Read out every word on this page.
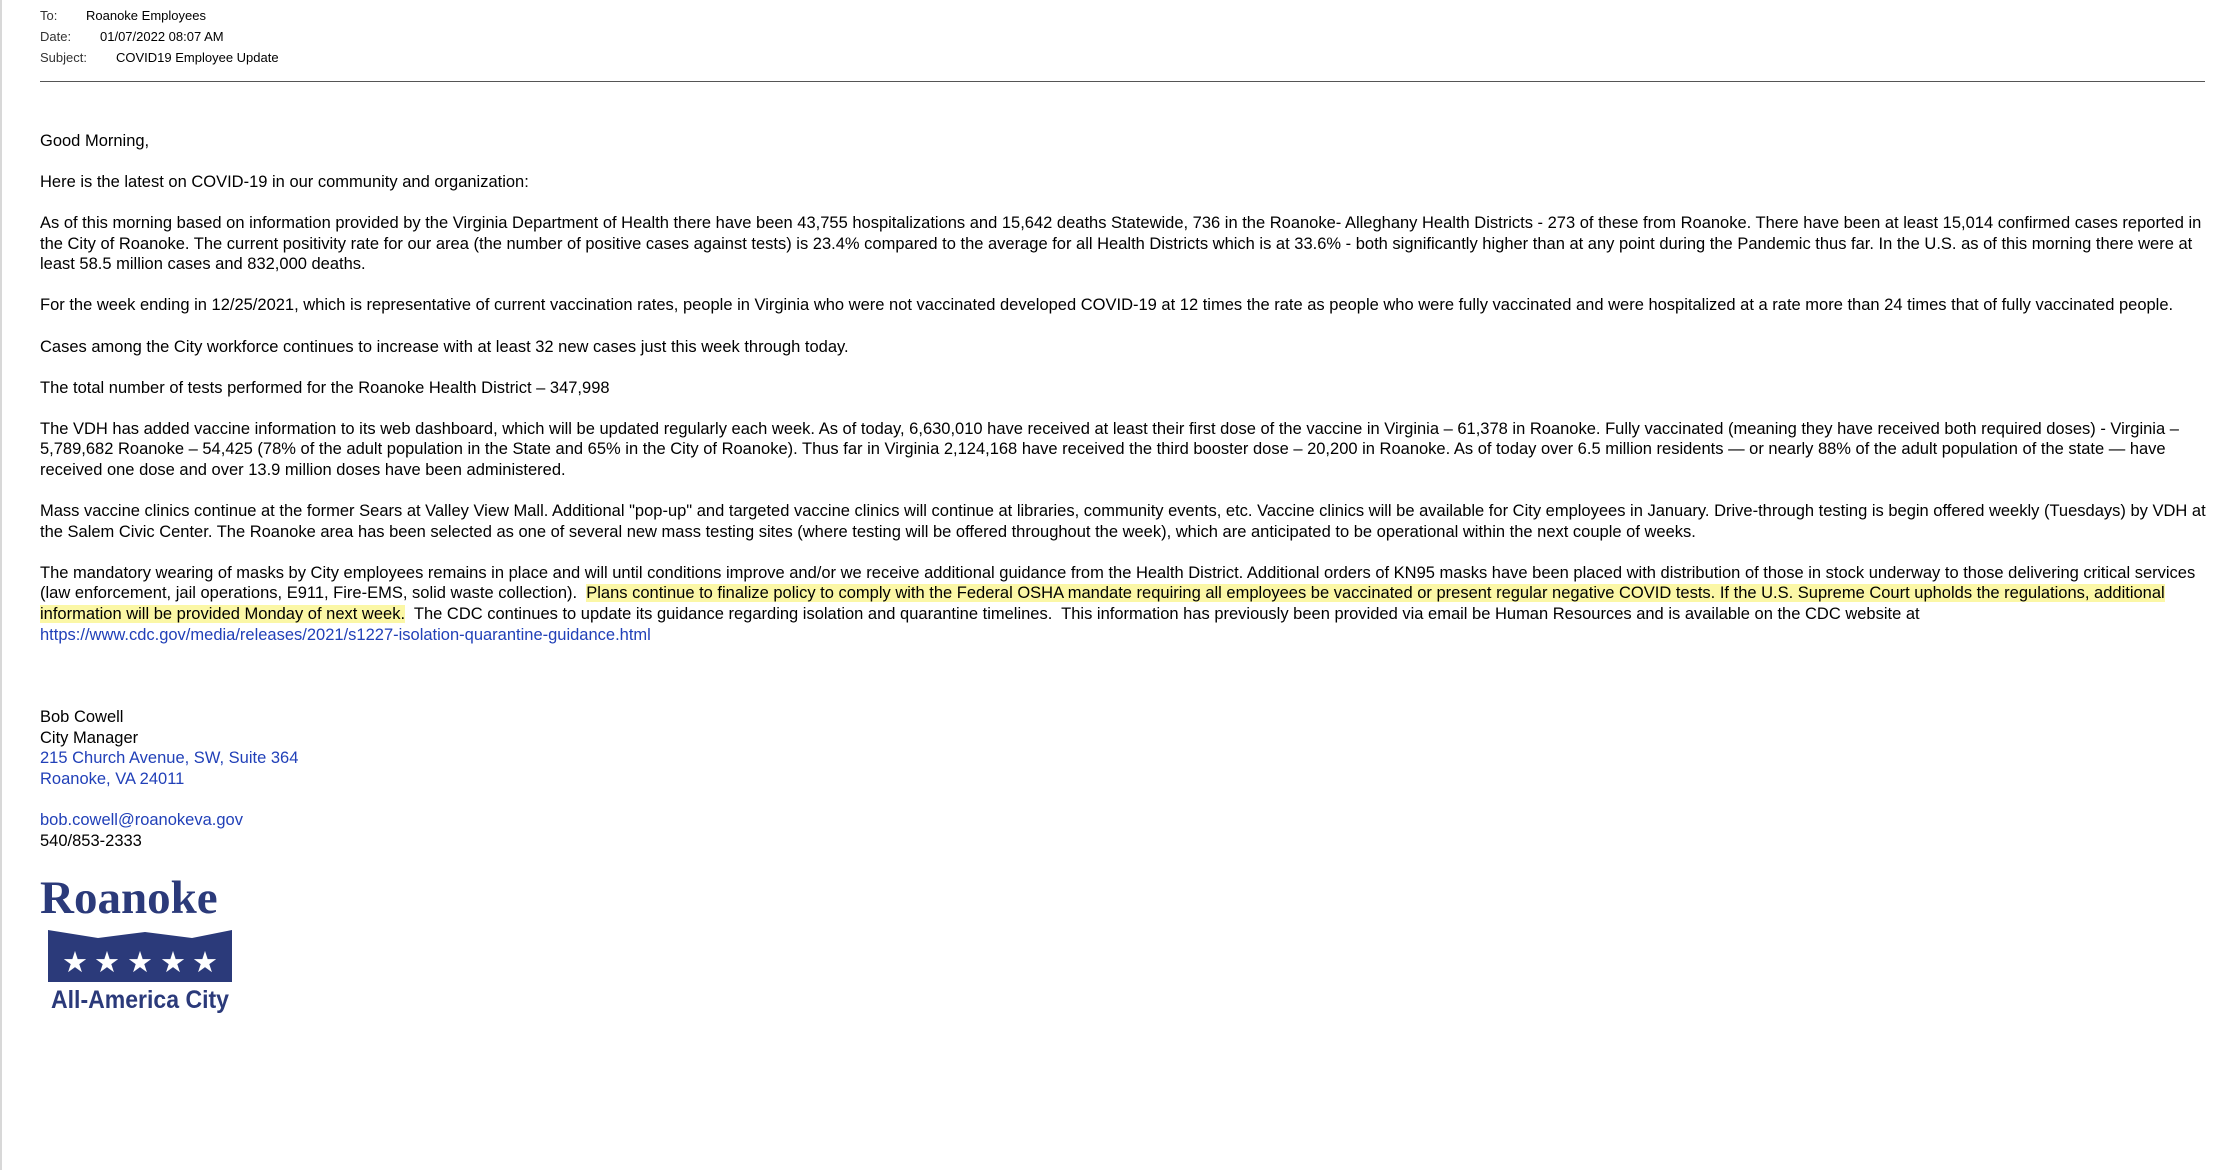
To: Roanoke Employees
Date: 01/07/2022 08:07 AM
Subject: COVID19 Employee Update

Good Morning,

Here is the latest on COVID-19 in our community and organization:

As of this morning based on information provided by the Virginia Department of Health there have been 43,755 hospitalizations and 15,642 deaths Statewide, 736 in the Roanoke- Alleghany Health Districts - 273 of these from Roanoke. There have been at least 15,014 confirmed cases reported in the City of Roanoke. The current positivity rate for our area (the number of positive cases against tests) is 23.4% compared to the average for all Health Districts which is at 33.6% - both significantly higher than at any point during the Pandemic thus far. In the U.S. as of this morning there were at least 58.5 million cases and 832,000 deaths.

For the week ending in 12/25/2021, which is representative of current vaccination rates, people in Virginia who were not vaccinated developed COVID-19 at 12 times the rate as people who were fully vaccinated and were hospitalized at a rate more than 24 times that of fully vaccinated people.

Cases among the City workforce continues to increase with at least 32 new cases just this week through today.

The total number of tests performed for the Roanoke Health District – 347,998

The VDH has added vaccine information to its web dashboard, which will be updated regularly each week. As of today, 6,630,010 have received at least their first dose of the vaccine in Virginia – 61,378 in Roanoke. Fully vaccinated (meaning they have received both required doses) - Virginia – 5,789,682 Roanoke – 54,425 (78% of the adult population in the State and 65% in the City of Roanoke). Thus far in Virginia 2,124,168 have received the third booster dose – 20,200 in Roanoke. As of today over 6.5 million residents — or nearly 88% of the adult population of the state — have received one dose and over 13.9 million doses have been administered.

Mass vaccine clinics continue at the former Sears at Valley View Mall. Additional "pop-up" and targeted vaccine clinics will continue at libraries, community events, etc. Vaccine clinics will be available for City employees in January. Drive-through testing is begin offered weekly (Tuesdays) by VDH at the Salem Civic Center. The Roanoke area has been selected as one of several new mass testing sites (where testing will be offered throughout the week), which are anticipated to be operational within the next couple of weeks.

The mandatory wearing of masks by City employees remains in place and will until conditions improve and/or we receive additional guidance from the Health District. Additional orders of KN95 masks have been placed with distribution of those in stock underway to those delivering critical services (law enforcement, jail operations, E911, Fire-EMS, solid waste collection).  Plans continue to finalize policy to comply with the Federal OSHA mandate requiring all employees be vaccinated or present regular negative COVID tests. If the U.S. Supreme Court upholds the regulations, additional information will be provided Monday of next week.  The CDC continues to update its guidance regarding isolation and quarantine timelines.  This information has previously been provided via email be Human Resources and is available on the CDC website at
https://www.cdc.gov/media/releases/2021/s1227-isolation-quarantine-guidance.html

Bob Cowell
City Manager
215 Church Avenue, SW, Suite 364
Roanoke, VA 24011
bob.cowell@roanokeva.gov
540/853-2333
Roanoke
★ ★ ★ ★ ★
All-America City
